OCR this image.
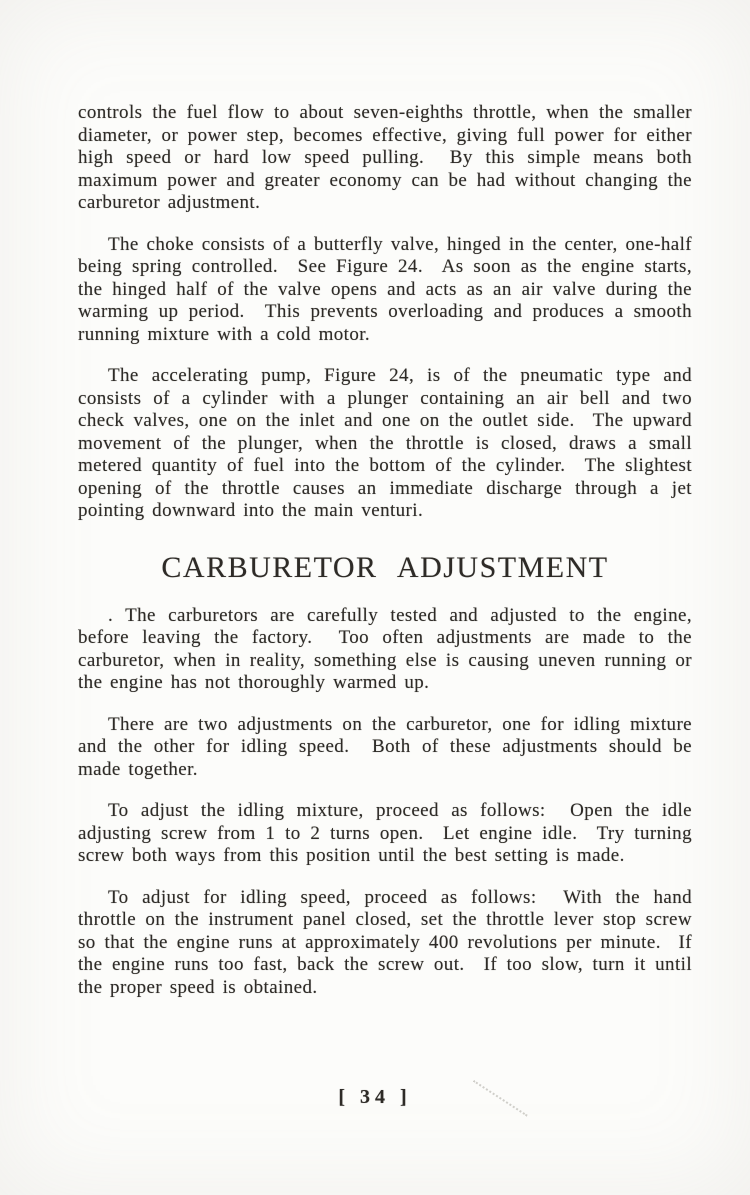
controls the fuel flow to about seven-eighths throttle, when the smaller diameter, or power step, becomes effective, giving full power for either high speed or hard low speed pulling.  By this simple means both maximum power and greater economy can be had without changing the carburetor adjustment.

The choke consists of a butterfly valve, hinged in the center, one-half being spring controlled.  See Figure 24.  As soon as the engine starts, the hinged half of the valve opens and acts as an air valve during the warming up period.  This prevents overloading and produces a smooth running mixture with a cold motor.

The accelerating pump, Figure 24, is of the pneumatic type and consists of a cylinder with a plunger containing an air bell and two check valves, one on the inlet and one on the outlet side.  The upward movement of the plunger, when the throttle is closed, draws a small metered quantity of fuel into the bottom of the cylinder.  The slightest opening of the throttle causes an immediate discharge through a jet pointing downward into the main venturi.

CARBURETOR ADJUSTMENT

. The carburetors are carefully tested and adjusted to the engine, before leaving the factory.  Too often adjustments are made to the carburetor, when in reality, something else is causing uneven running or the engine has not thoroughly warmed up.

There are two adjustments on the carburetor, one for idling mixture and the other for idling speed.  Both of these adjustments should be made together.

To adjust the idling mixture, proceed as follows:  Open the idle adjusting screw from 1 to 2 turns open.  Let engine idle.  Try turning screw both ways from this position until the best setting is made.

To adjust for idling speed, proceed as follows:  With the hand throttle on the instrument panel closed, set the throttle lever stop screw so that the engine runs at approximately 400 revolutions per minute.  If the engine runs too fast, back the screw out.  If too slow, turn it until the proper speed is obtained.

[ 34 ]
